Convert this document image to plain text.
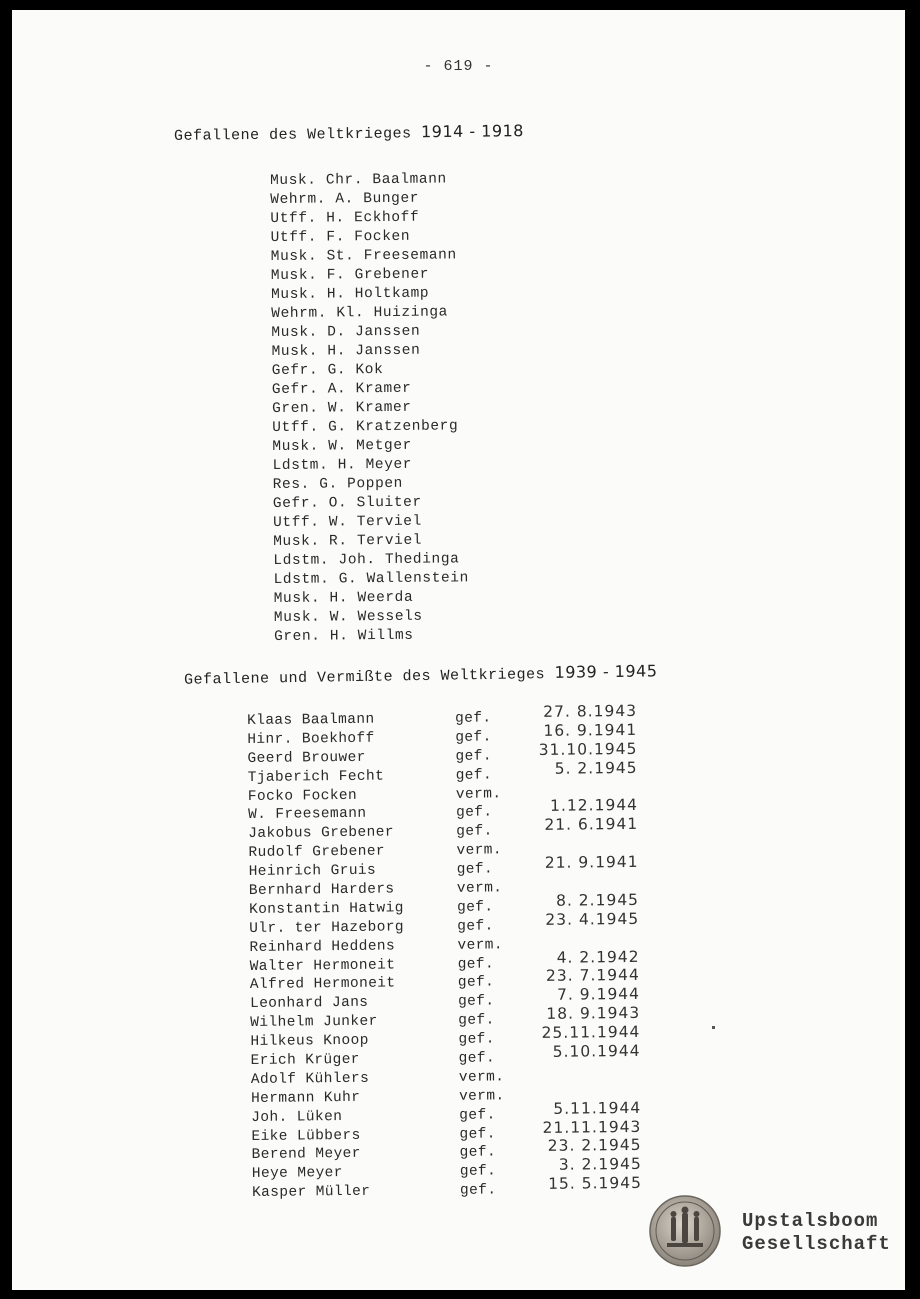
- 619 -
Gefallene des Weltkrieges 1914 - 1918
Musk. Chr. Baalmann
Wehrm. A. Bunger
Utff. H. Eckhoff
Utff. F. Focken
Musk. St. Freesemann
Musk. F. Grebener
Musk. H. Holtkamp
Wehrm. Kl. Huizinga
Musk. D. Janssen
Musk. H. Janssen
Gefr. G. Kok
Gefr. A. Kramer
Gren. W. Kramer
Utff. G. Kratzenberg
Musk. W. Metger
Ldstm. H. Meyer
Res. G. Poppen
Gefr. O. Sluiter
Utff. W. Terviel
Musk. R. Terviel
Ldstm. Joh. Thedinga
Ldstm. G. Wallenstein
Musk. H. Weerda
Musk. W. Wessels
Gren. H. Willms
Gefallene und Vermißte des Weltkrieges 1939 - 1945
Klaas Baalmann	gef.	27. 8.1943
Hinr. Boekhoff	gef.	16. 9.1941
Geerd Brouwer	gef.	31.10.1945
Tjaberich Fecht	gef.	5. 2.1945
Focko Focken	verm.
W. Freesemann	gef.	1.12.1944
Jakobus Grebener	gef.	21. 6.1941
Rudolf Grebener	verm.
Heinrich Gruis	gef.	21. 9.1941
Bernhard Harders	verm.
Konstantin Hatwig	gef.	8. 2.1945
Ulr. ter Hazeborg	gef.	23. 4.1945
Reinhard Heddens	verm.
Walter Hermoneit	gef.	4. 2.1942
Alfred Hermoneit	gef.	23. 7.1944
Leonhard Jans	gef.	7. 9.1944
Wilhelm Junker	gef.	18. 9.1943
Hilkeus Knoop	gef.	25.11.1944
Erich Krüger	gef.	5.10.1944
Adolf Kühlers	verm.
Hermann Kuhr	verm.
Joh. Lüken	gef.	5.11.1944
Eike Lübbers	gef.	21.11.1943
Berend Meyer	gef.	23. 2.1945
Heye Meyer	gef.	3. 2.1945
Kasper Müller	gef.	15. 5.1945
Upstalsboom
Gesellschaft
